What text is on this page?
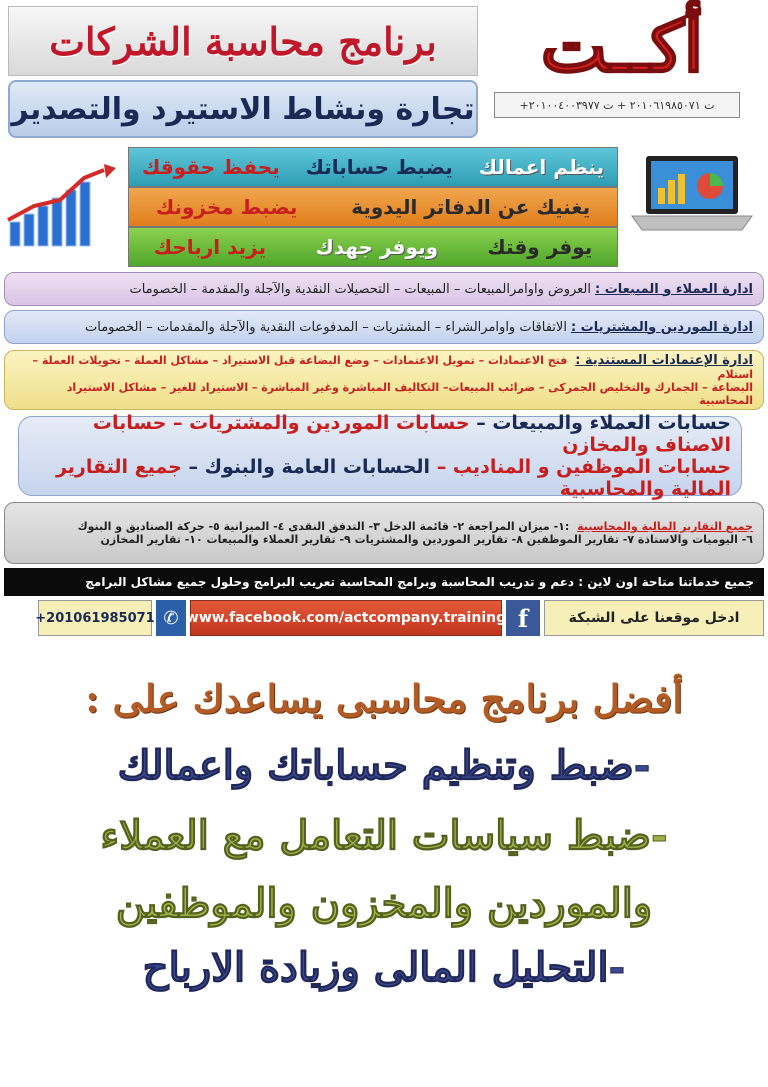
برنامج محاسبة الشركات
تجارة ونشاط الاستيرد والتصدير
أكــت
ت ٢٠١٠٦١٩٨٥٠٧١ + ت ٢٠١٠٠٤٠٠٣٩٧٧+
ينظم اعمالك
يضبط حساباتك
يحفظ حقوقك
يغنيك عن الدفاتر اليدوية
يضبط مخزونك
يوفر وقتك
ويوفر جهدك
يزيد ارباحك
ادارة العملاء و المبيعات :
العروض واوامرالمبيعات – المبيعات – التحصيلات النقدية والآجلة والمقدمة – الخصومات
ادارة الموردين والمشتريات :
الاتفاقات واوامرالشراء – المشتريات – المدفوعات النقدية والآجلة والمقدمات – الخصومات
ادارة الإعتمادات المستندية : فتح الاعتمادات – تمويل الاعتمادات – وضع البضاعة قبل الاستيراد – مشاكل العملة – تحويلات العملة – استلام
البضاعة – الجمارك والتخليص الجمركى – ضرائب المبيعات– التكاليف المباشرة وغير المباشرة – الاستيراد للغير – مشاكل الاستيراد المحاسبية
حسابات العملاء والمبيعات – حسابات الموردين والمشتريات – حسابات الاصناف والمخازن
حسابات الموظفين و المناديب – الحسابات العامة والبنوك – جميع التقارير المالية والمحاسبية
جميع التقارير المالية والمحاسبية :١- ميزان المراجعة ٢- قائمة الدخل ٣- التدفق النقدى ٤- الميزانية ٥- حركة الصناديق و البنوك
٦- اليوميات والاستاذة ٧- تقارير الموظفين ٨- تقارير الموردين والمشتريات ٩- تقارير العملاء والمبيعات ١٠- تقارير المخازن
جميع خدماتنا متاحة اون لاين : دعم و تدريب المحاسبة وبرامج المحاسبة تعريب البرامج وحلول جميع مشاكل البرامج
ادخل موقعنا على الشبكة
f
www.facebook.com/actcompany.training
✆
+201061985071
أفضل برنامج محاسبى يساعدك على :
-ضبط وتنظيم حساباتك واعمالك
-ضبط سياسات التعامل مع العملاء
والموردين والمخزون والموظفين
-التحليل المالى وزيادة الارباح
